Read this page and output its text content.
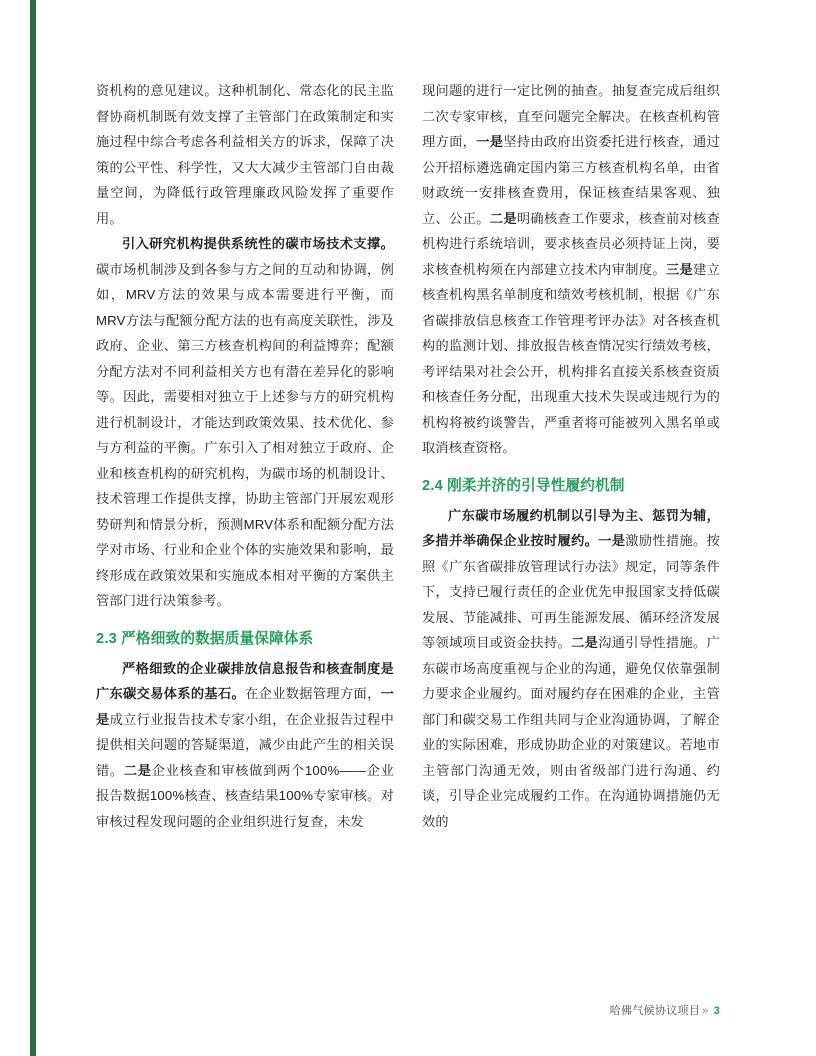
资机构的意见建议。这种机制化、常态化的民主监督协商机制既有效支撑了主管部门在政策制定和实施过程中综合考虑各利益相关方的诉求，保障了决策的公平性、科学性，又大大减少主管部门自由裁量空间，为降低行政管理廉政风险发挥了重要作用。

引入研究机构提供系统性的碳市场技术支撑。碳市场机制涉及到各参与方之间的互动和协调，例如，MRV方法的效果与成本需要进行平衡，而MRV方法与配额分配方法的也有高度关联性，涉及政府、企业、第三方核查机构间的利益博弈；配额分配方法对不同利益相关方也有潜在差异化的影响等。因此，需要相对独立于上述参与方的研究机构进行机制设计，才能达到政策效果、技术优化、参与方利益的平衡。广东引入了相对独立于政府、企业和核查机构的研究机构，为碳市场的机制设计、技术管理工作提供支撑，协助主管部门开展宏观形势研判和情景分析，预测MRV体系和配额分配方法学对市场、行业和企业个体的实施效果和影响，最终形成在政策效果和实施成本相对平衡的方案供主管部门进行决策参考。

2.3 严格细致的数据质量保障体系

严格细致的企业碳排放信息报告和核查制度是广东碳交易体系的基石。在企业数据管理方面，一是成立行业报告技术专家小组，在企业报告过程中提供相关问题的答疑渠道，减少由此产生的相关误错。二是企业核查和审核做到两个100%——企业报告数据100%核查、核查结果100%专家审核。对审核过程发现问题的企业组织进行复查，未发

现问题的进行一定比例的抽查。抽复查完成后组织二次专家审核，直至问题完全解决。在核查机构管理方面，一是坚持由政府出资委托进行核查，通过公开招标遴选确定国内第三方核查机构名单，由省财政统一安排核查费用，保证核查结果客观、独立、公正。二是明确核查工作要求，核查前对核查机构进行系统培训，要求核查员必须持证上岗，要求核查机构须在内部建立技术内审制度。三是建立核查机构黑名单制度和绩效考核机制，根据《广东省碳排放信息核查工作管理考评办法》对各核查机构的监测计划、排放报告核查情况实行绩效考核，考评结果对社会公开，机构排名直接关系核查资质和核查任务分配，出现重大技术失误或违规行为的机构将被约谈警告，严重者将可能被列入黑名单或取消核查资格。

2.4 刚柔并济的引导性履约机制

广东碳市场履约机制以引导为主、惩罚为辅，多措并举确保企业按时履约。一是激励性措施。按照《广东省碳排放管理试行办法》规定，同等条件下，支持已履行责任的企业优先申报国家支持低碳发展、节能减排、可再生能源发展、循环经济发展等领域项目或资金扶持。二是沟通引导性措施。广东碳市场高度重视与企业的沟通，避免仅依靠强制力要求企业履约。面对履约存在困难的企业，主管部门和碳交易工作组共同与企业沟通协调，了解企业的实际困难，形成协助企业的对策建议。若地市主管部门沟通无效，则由省级部门进行沟通、约谈，引导企业完成履约工作。在沟通协调措施仍无效的

哈佛气候协议项目 » 3
